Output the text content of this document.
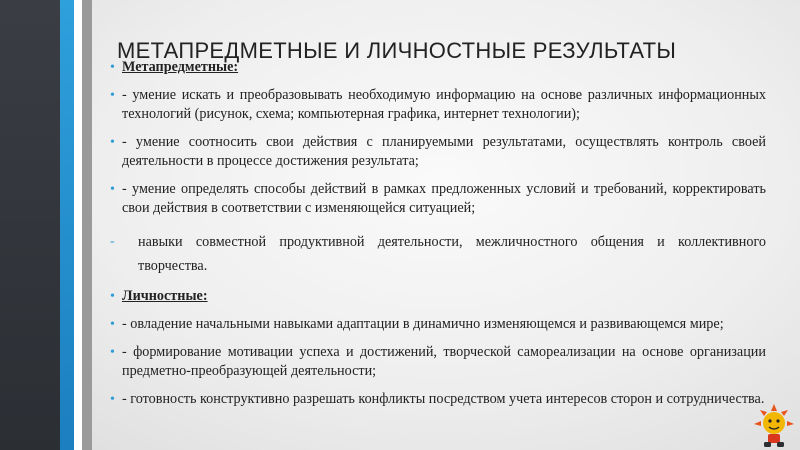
• Метапредметные:
• - умение искать и преобразовывать необходимую информацию на основе различных информационных технологий (рисунок, схема; компьютерная графика, интернет технологии);
• - умение соотносить свои действия с планируемыми результатами, осуществлять контроль своей деятельности в процессе достижения результата;
• - умение определять способы действий в рамках предложенных условий и требований, корректировать свои действия в соответствии с изменяющейся ситуацией;
- навыки совместной продуктивной деятельности, межличностного общения и коллективного творчества.
• Личностные:
• - овладение начальными навыками адаптации в динамично изменяющемся и развивающемся мире;
• - формирование мотивации успеха и достижений, творческой самореализации на основе организации предметно-преобразующей деятельности;
• - готовность конструктивно разрешать конфликты посредством учета интересов сторон и сотрудничества.
МЕТАПРЕДМЕТНЫЕ И ЛИЧНОСТНЫЕ РЕЗУЛЬТАТЫ
